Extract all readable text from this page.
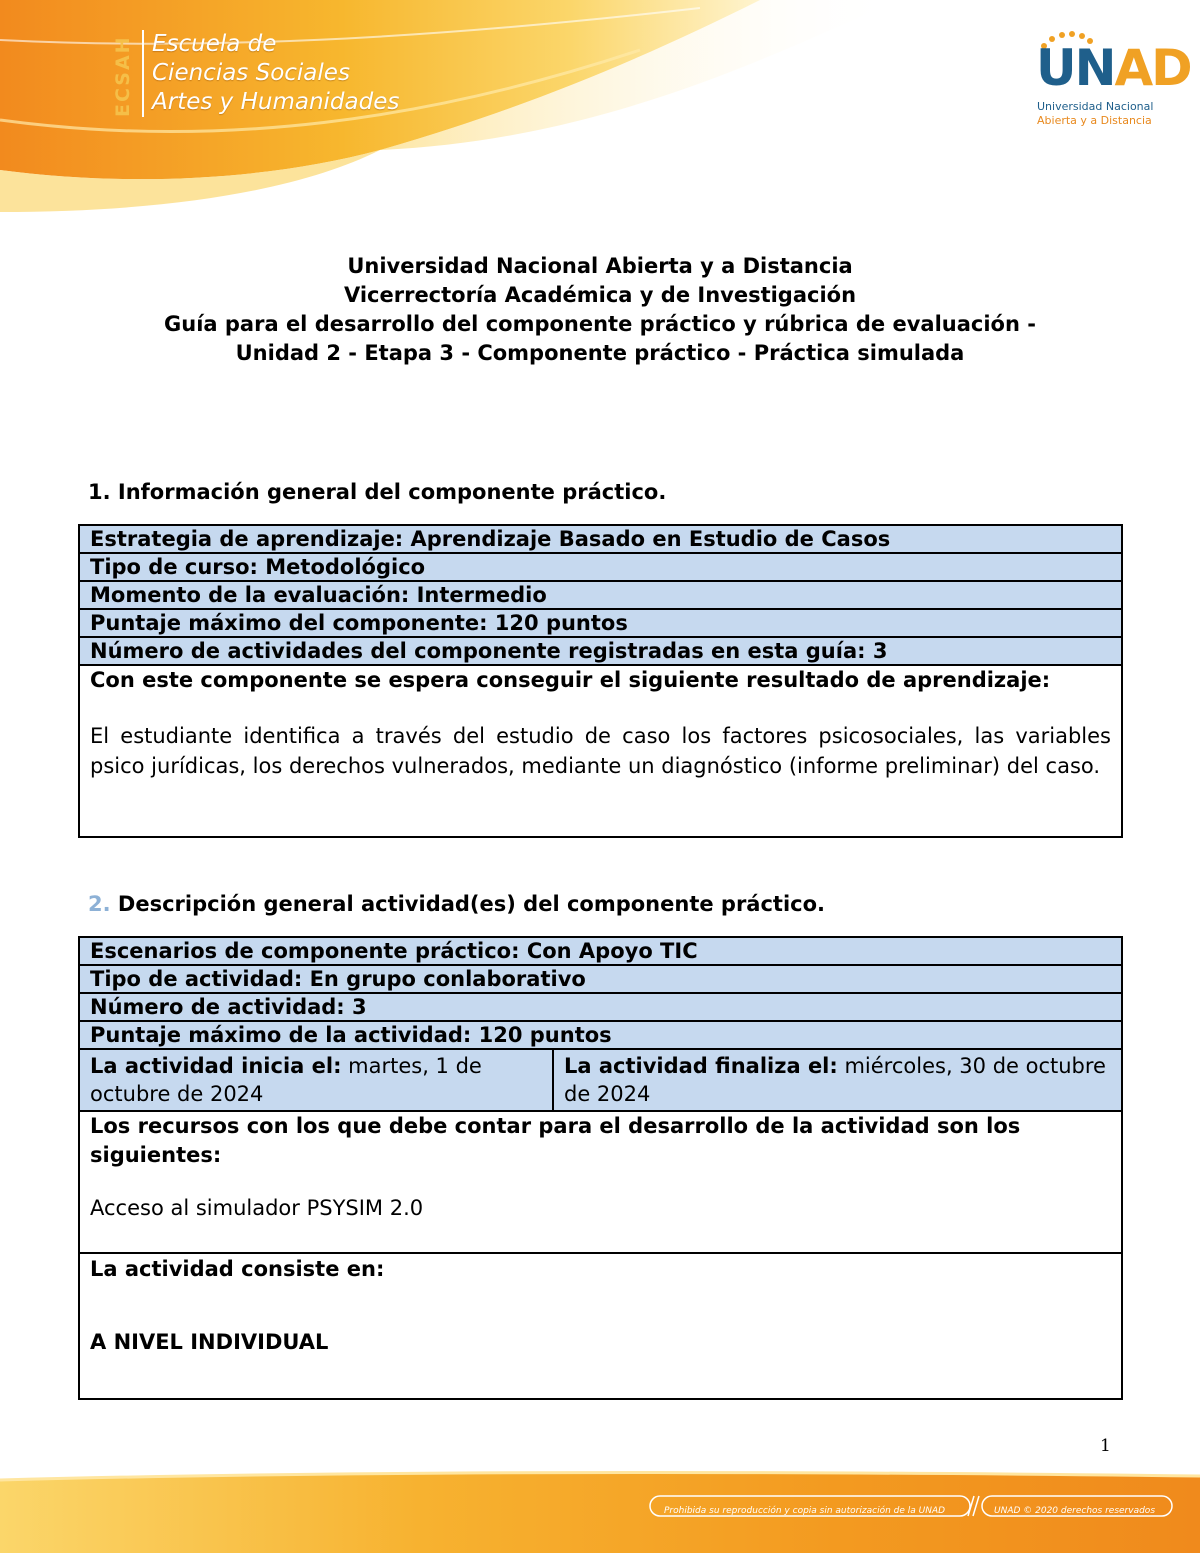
ECSAH Escuela de
Ciencias Sociales
Artes y Humanidades
UNAD
Universidad Nacional
Abierta y a Distancia
Universidad Nacional Abierta y a Distancia
Vicerrectoría Académica y de Investigación
Guía para el desarrollo del componente práctico y rúbrica de evaluación -
Unidad 2 - Etapa 3 - Componente práctico - Práctica simulada
1. Información general del componente práctico.
Estrategia de aprendizaje: Aprendizaje Basado en Estudio de Casos
Tipo de curso: Metodológico
Momento de la evaluación: Intermedio
Puntaje máximo del componente: 120 puntos
Número de actividades del componente registradas en esta guía: 3

Con este componente se espera conseguir el siguiente resultado de aprendizaje:
El estudiante identifica a través del estudio de caso los factores psicosociales, las variables psico jurídicas, los derechos vulnerados, mediante un diagnóstico (informe preliminar) del caso.
2. Descripción general actividad(es) del componente práctico.
Escenarios de componente práctico: Con Apoyo TIC
Tipo de actividad: En grupo conlaborativo
Número de actividad: 3
Puntaje máximo de la actividad: 120 puntos
La actividad inicia el: martes, 1 de octubre de 2024	La actividad finaliza el: miércoles, 30 de octubre de 2024

Los recursos con los que debe contar para el desarrollo de la actividad son los siguientes:
Acceso al simulador PSYSIM 2.0

La actividad consiste en:
A NIVEL INDIVIDUAL
1
Prohibida su reproducción y copia sin autorización de la UNAD	UNAD © 2020 derechos reservados
